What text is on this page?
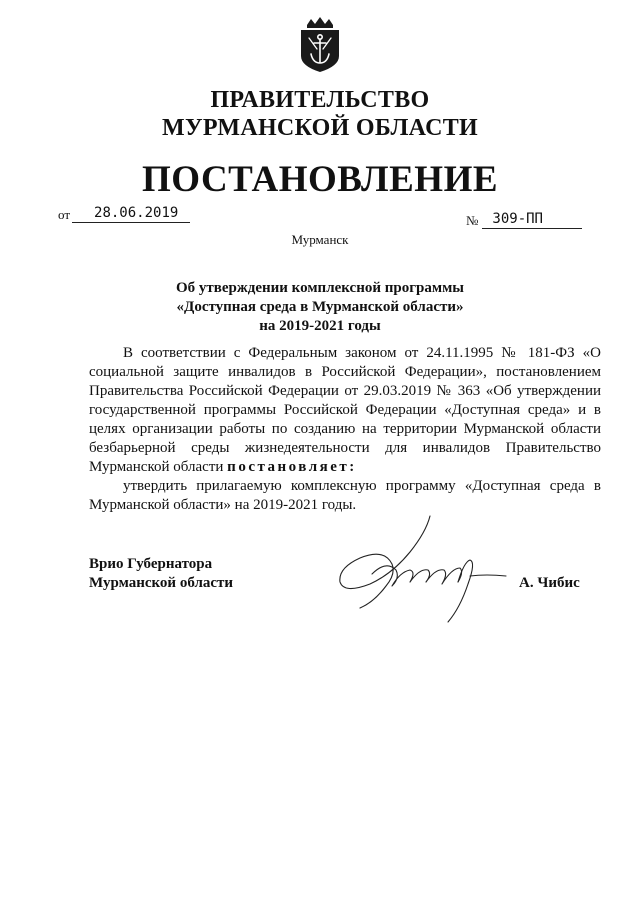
ПРАВИТЕЛЬСТВО
МУРМАНСКОЙ ОБЛАСТИ
ПОСТАНОВЛЕНИЕ
от 28.06.2019	№ 309-ПП
Мурманск
Об утверждении комплексной программы
«Доступная среда в Мурманской области»
на 2019-2021 годы

В соответствии с Федеральным законом от 24.11.1995 № 181-ФЗ «О социальной защите инвалидов в Российской Федерации», постановлением Правительства Российской Федерации от 29.03.2019 № 363 «Об утверждении государственной программы Российской Федерации «Доступная среда» и в целях организации работы по созданию на территории Мурманской области безбарьерной среды жизнедеятельности для инвалидов Правительство Мурманской области постановляет:

утвердить прилагаемую комплексную программу «Доступная среда в Мурманской области» на 2019-2021 годы.

Врио Губернатора
Мурманской области	А. Чибис
